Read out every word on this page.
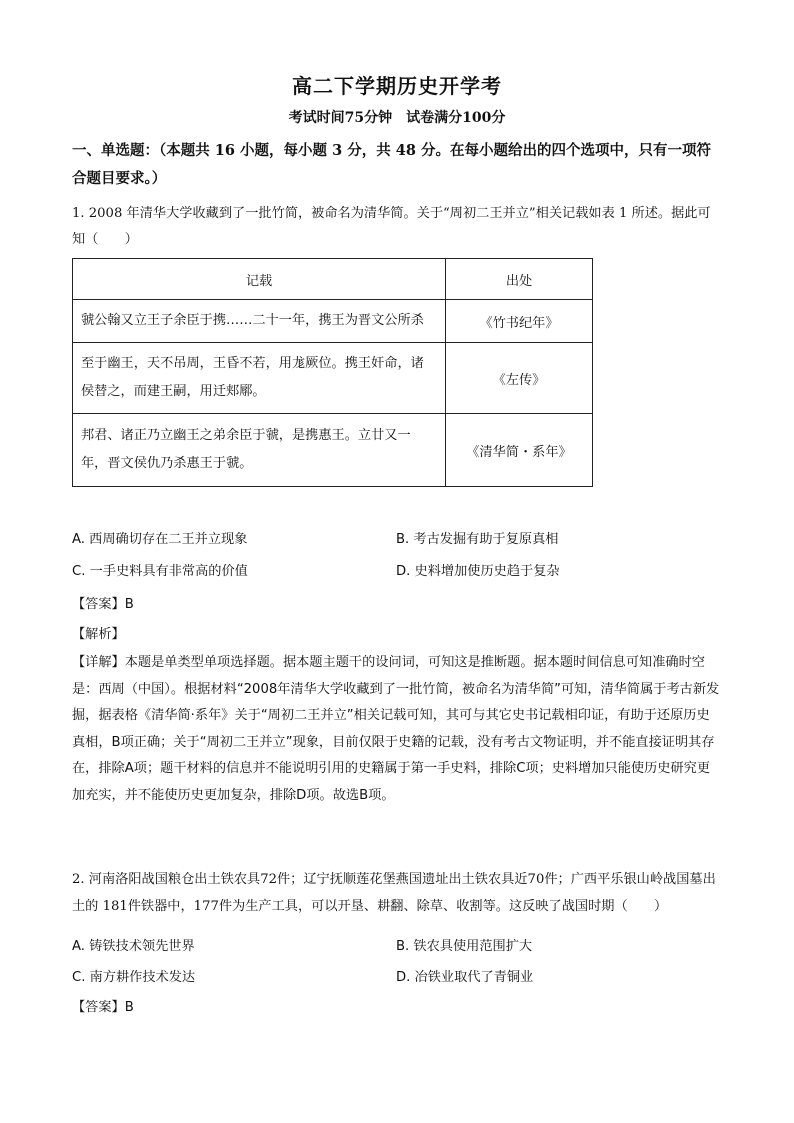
高二下学期历史开学考
考试时间75分钟　试卷满分100分
一、单选题：（本题共 16 小题，每小题 3 分，共 48 分。在每小题给出的四个选项中，只有一项符合题目要求。）
1. 2008 年清华大学收藏到了一批竹简，被命名为清华简。关于“周初二王并立”相关记载如表 1 所述。据此可知（　　）
记载	出处
虢公翰又立王子余臣于携……二十一年，携王为晋文公所杀	《竹书纪年》
至于幽王，天不吊周，王昏不若，用尨厥位。携王奸命，诸侯替之，而建王嗣，用迁郏鄏。	《左传》
邦君、诸正乃立幽王之弟余臣于虢，是携惠王。立廿又一年，晋文侯仇乃杀惠王于虢。	《清华简・系年》
A. 西周确切存在二王并立现象	B. 考古发掘有助于复原真相
C. 一手史料具有非常高的价值	D. 史料增加使历史趋于复杂
【答案】B
【解析】
【详解】本题是单类型单项选择题。据本题主题干的设问词，可知这是推断题。据本题时间信息可知准确时空是：西周（中国）。根据材料“2008年清华大学收藏到了一批竹简，被命名为清华简”可知，清华简属于考古新发掘，据表格《清华简·系年》关于“周初二王并立”相关记载可知，其可与其它史书记载相印证，有助于还原历史真相，B项正确；关于“周初二王并立”现象，目前仅限于史籍的记载，没有考古文物证明，并不能直接证明其存在，排除A项；题干材料的信息并不能说明引用的史籍属于第一手史料，排除C项；史料增加只能使历史研究更加充实，并不能使历史更加复杂，排除D项。故选B项。
2. 河南洛阳战国粮仓出土铁农具72件；辽宁抚顺莲花堡燕国遗址出土铁农具近70件；广西平乐银山岭战国墓出土的 181件铁器中，177件为生产工具，可以开垦、耕翻、除草、收割等。这反映了战国时期（　　）
A. 铸铁技术领先世界	B. 铁农具使用范围扩大
C. 南方耕作技术发达	D. 冶铁业取代了青铜业
【答案】B
